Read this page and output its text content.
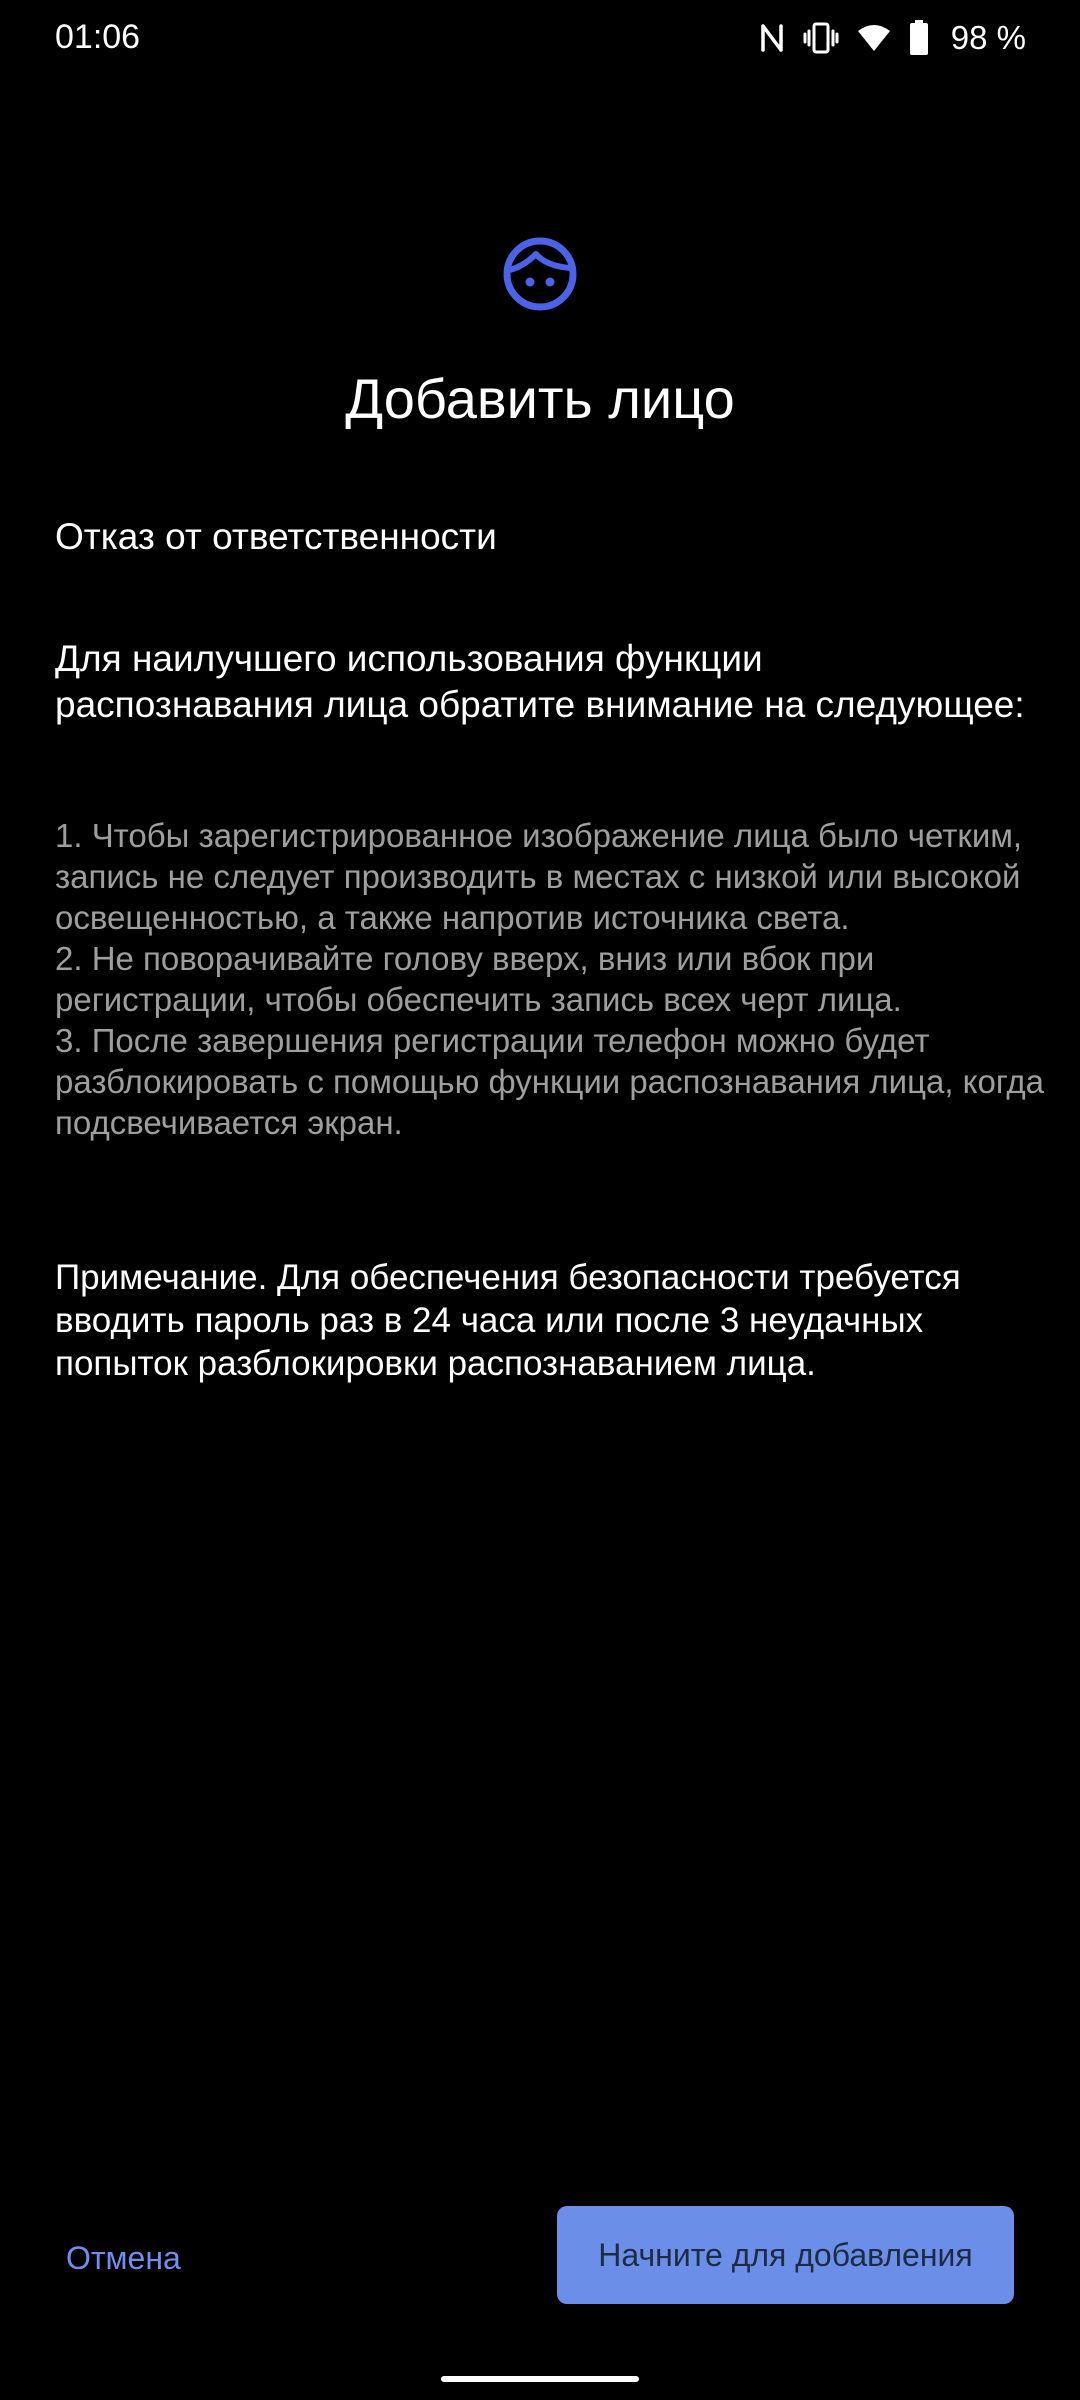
01:06	98 %
Добавить лицо
Отказ от ответственности
Для наилучшего использования функции распознавания лица обратите внимание на следующее:
1. Чтобы зарегистрированное изображение лица было четким, запись не следует производить в местах с низкой или высокой освещенностью, а также напротив источника света.
2. Не поворачивайте голову вверх, вниз или вбок при регистрации, чтобы обеспечить запись всех черт лица.
3. После завершения регистрации телефон можно будет разблокировать с помощью функции распознавания лица, когда подсвечивается экран.
Примечание. Для обеспечения безопасности требуется вводить пароль раз в 24 часа или после 3 неудачных попыток разблокировки распознаванием лица.
Отмена	Начните для добавления
